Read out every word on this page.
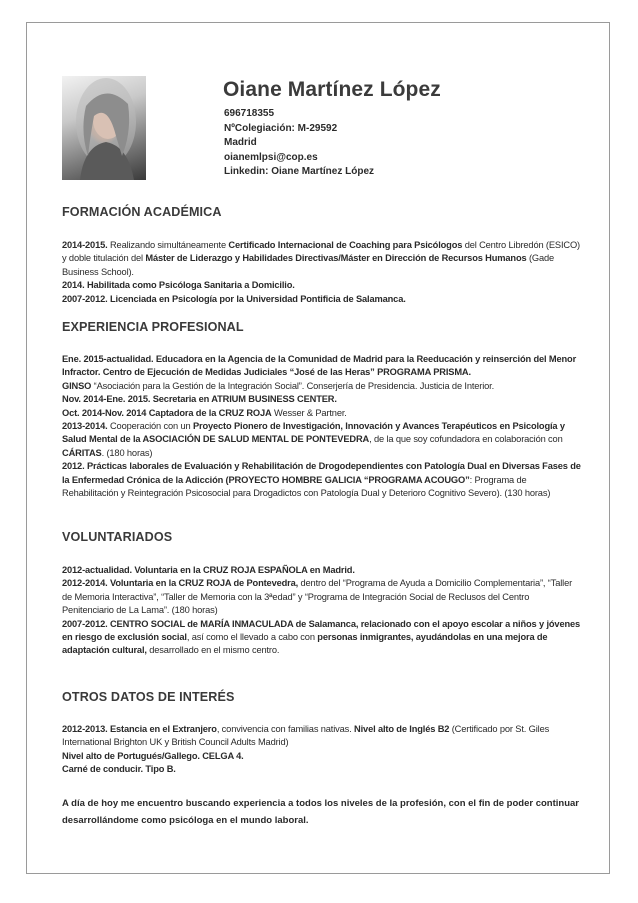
Oiane Martínez López
696718355
NºColegiación: M-29592
Madrid
oianemlpsi@cop.es
Linkedin: Oiane Martínez López
FORMACIÓN ACADÉMICA

2014-2015. Realizando simultáneamente Certificado Internacional de Coaching para Psicólogos del Centro Libredón (ESICO) y doble titulación del Máster de Liderazgo y Habilidades Directivas/Máster en Dirección de Recursos Humanos (Gade Business School).

2014. Habilitada como Psicóloga Sanitaria a Domicilio.

2007-2012. Licenciada en Psicología por la Universidad Pontificia de Salamanca.

EXPERIENCIA PROFESIONAL

Ene. 2015-actualidad. Educadora en la Agencia de la Comunidad de Madrid para la Reeducación y reinserción del Menor Infractor. Centro de Ejecución de Medidas Judiciales “José de las Heras” PROGRAMA PRISMA.

GINSO “Asociación para la Gestión de la Integración Social”. Conserjería de Presidencia. Justicia de Interior.

Nov. 2014-Ene. 2015. Secretaria en ATRIUM BUSINESS CENTER.

Oct. 2014-Nov. 2014 Captadora de la CRUZ ROJA Wesser & Partner.

2013-2014. Cooperación con un Proyecto Pionero de Investigación, Innovación y Avances Terapéuticos en Psicología y Salud Mental de la ASOCIACIÓN DE SALUD MENTAL DE PONTEVEDRA, de la que soy cofundadora en colaboración con CÁRITAS. (180 horas)

2012. Prácticas laborales de Evaluación y Rehabilitación de Drogodependientes con Patología Dual en Diversas Fases de la Enfermedad Crónica de la Adicción (PROYECTO HOMBRE GALICIA “PROGRAMA ACOUGO”: Programa de Rehabilitación y Reintegración Psicosocial para Drogadictos con Patología Dual y Deterioro Cognitivo Severo). (130 horas)

VOLUNTARIADOS

2012-actualidad. Voluntaria en la CRUZ ROJA ESPAÑOLA en Madrid.

2012-2014. Voluntaria en la CRUZ ROJA de Pontevedra, dentro del “Programa de Ayuda a Domicilio Complementaria”, “Taller de Memoria Interactiva”, “Taller de Memoria con la 3ªedad” y “Programa de Integración Social de Reclusos del Centro Penitenciario de La Lama”. (180 horas)

2007-2012. CENTRO SOCIAL de MARÍA INMACULADA de Salamanca, relacionado con el apoyo escolar a niños y jóvenes en riesgo de exclusión social, así como el llevado a cabo con personas inmigrantes, ayudándolas en una mejora de adaptación cultural, desarrollado en el mismo centro.

OTROS DATOS DE INTERÉS

2012-2013. Estancia en el Extranjero, convivencia con familias nativas. Nivel alto de Inglés B2 (Certificado por St. Giles International Brighton UK y British Council Adults Madrid)

Nivel alto de Portugués/Gallego. CELGA 4.

Carné de conducir. Tipo B.

A día de hoy me encuentro buscando experiencia a todos los niveles de la profesión, con el fin de poder continuar desarrollándome como psicóloga en el mundo laboral.
